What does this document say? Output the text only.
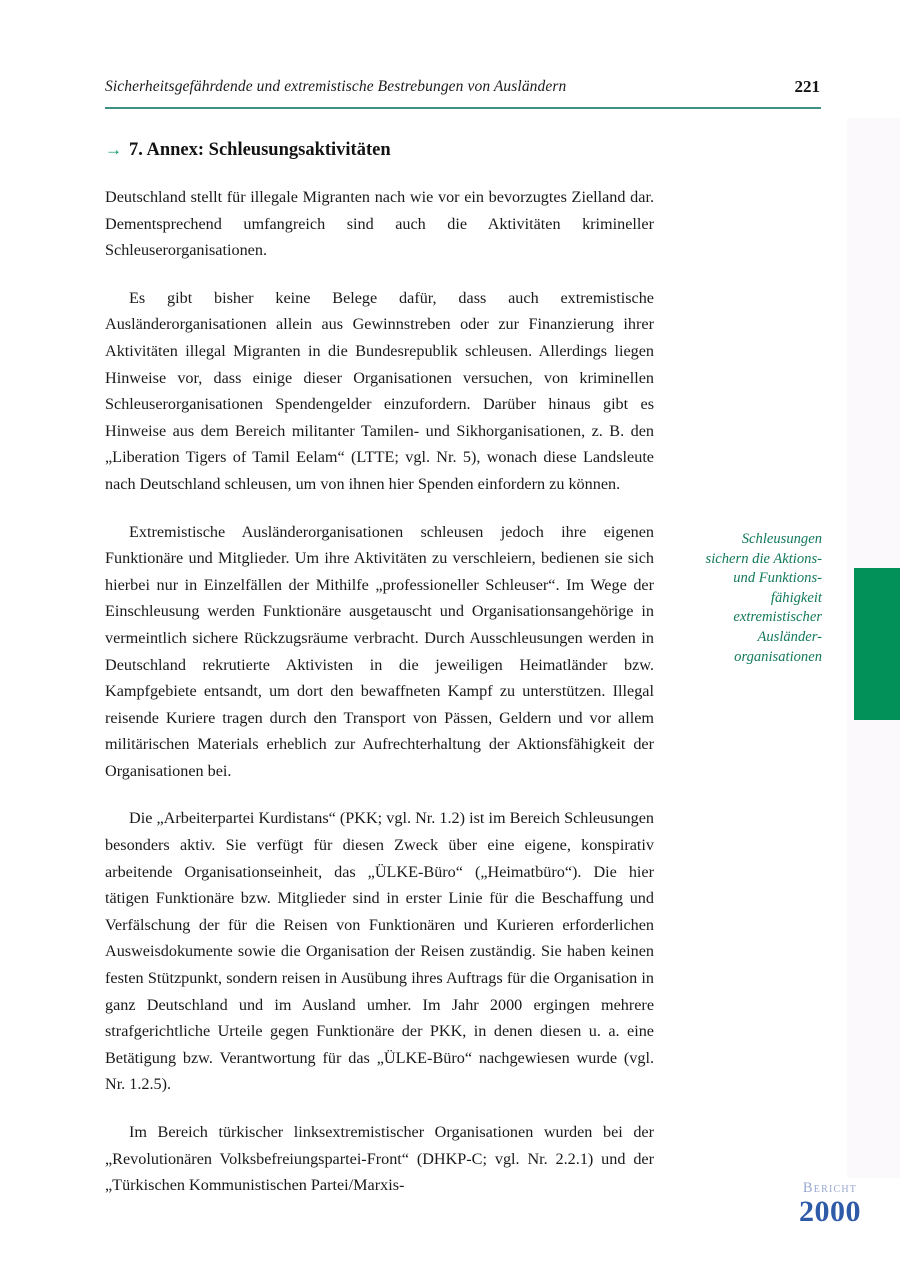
Sicherheitsgefährdende und extremistische Bestrebungen von Ausländern	221
→ 7. Annex: Schleusungsaktivitäten

Deutschland stellt für illegale Migranten nach wie vor ein bevorzugtes Zielland dar. Dementsprechend umfangreich sind auch die Aktivitäten krimineller Schleuserorganisationen.

Es gibt bisher keine Belege dafür, dass auch extremistische Ausländerorganisationen allein aus Gewinnstreben oder zur Finanzierung ihrer Aktivitäten illegal Migranten in die Bundesrepublik schleusen. Allerdings liegen Hinweise vor, dass einige dieser Organisationen versuchen, von kriminellen Schleuserorganisationen Spendengelder einzufordern. Darüber hinaus gibt es Hinweise aus dem Bereich militanter Tamilen- und Sikhorganisationen, z. B. den „Liberation Tigers of Tamil Eelam“ (LTTE; vgl. Nr. 5), wonach diese Landsleute nach Deutschland schleusen, um von ihnen hier Spenden einfordern zu können.

Extremistische Ausländerorganisationen schleusen jedoch ihre eigenen Funktionäre und Mitglieder. Um ihre Aktivitäten zu verschleiern, bedienen sie sich hierbei nur in Einzelfällen der Mithilfe „professioneller Schleuser“. Im Wege der Einschleusung werden Funktionäre ausgetauscht und Organisationsangehörige in vermeintlich sichere Rückzugsräume verbracht. Durch Ausschleusungen werden in Deutschland rekrutierte Aktivisten in die jeweiligen Heimatländer bzw. Kampfgebiete entsandt, um dort den bewaffneten Kampf zu unterstützen. Illegal reisende Kuriere tragen durch den Transport von Pässen, Geldern und vor allem militärischen Materials erheblich zur Aufrechterhaltung der Aktionsfähigkeit der Organisationen bei.

Die „Arbeiterpartei Kurdistans“ (PKK; vgl. Nr. 1.2) ist im Bereich Schleusungen besonders aktiv. Sie verfügt für diesen Zweck über eine eigene, konspirativ arbeitende Organisationseinheit, das „ÜLKE-Büro“ („Heimatbüro“). Die hier tätigen Funktionäre bzw. Mitglieder sind in erster Linie für die Beschaffung und Verfälschung der für die Reisen von Funktionären und Kurieren erforderlichen Ausweisdokumente sowie die Organisation der Reisen zuständig. Sie haben keinen festen Stützpunkt, sondern reisen in Ausübung ihres Auftrags für die Organisation in ganz Deutschland und im Ausland umher. Im Jahr 2000 ergingen mehrere strafgerichtliche Urteile gegen Funktionäre der PKK, in denen diesen u. a. eine Betätigung bzw. Verantwortung für das „ÜLKE-Büro“ nachgewiesen wurde (vgl. Nr. 1.2.5).

Im Bereich türkischer linksextremistischer Organisationen wurden bei der „Revolutionären Volksbefreiungspartei-Front“ (DHKP-C; vgl. Nr. 2.2.1) und der „Türkischen Kommunistischen Partei/Marxis-

Schleusungen
sichern die Aktions-
und Funktions-
fähigkeit
extremistischer
Ausländer-
organisationen
Bericht
2000
